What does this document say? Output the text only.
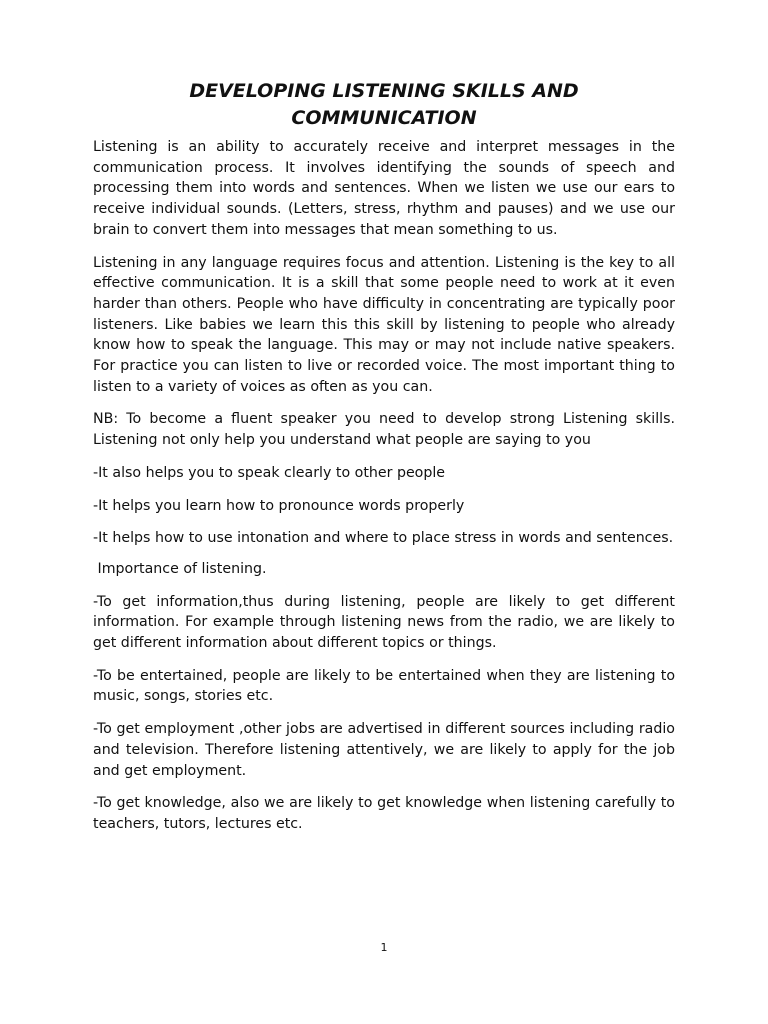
DEVELOPING LISTENING SKILLS AND
COMMUNICATION

Listening is an ability to accurately receive and interpret messages in the communication process. It involves identifying the sounds of speech and processing them into words and sentences. When we listen we use our ears to receive individual sounds. (Letters, stress, rhythm and pauses) and we use our brain to convert them into messages that mean something to us.

Listening in any language requires focus and attention. Listening is the key to all effective communication. It is a skill that some people need to work at it even harder than others. People who have difficulty in concentrating are typically poor listeners. Like babies we learn this this skill by listening to people who already know how to speak the language. This may or may not include native speakers. For practice you can listen to live or recorded voice. The most important thing to listen to a variety of voices as often as you can.

NB: To become a fluent speaker you need to develop strong Listening skills. Listening not only help you understand what people are saying to you

-It also helps you to speak clearly to other people

-It helps you learn how to pronounce words properly

-It helps how to use intonation and where to place stress in words and sentences.

Importance of listening.

-To get information,thus during listening, people are likely to get different information. For example through listening news from the radio, we are likely to get different information about different topics or things.

-To be entertained, people are likely to be entertained when they are listening to music, songs, stories etc.

-To get employment ,other jobs are advertised in different sources including radio and television. Therefore listening attentively, we are likely to apply for the job and get employment.

-To get knowledge, also we are likely to get knowledge when listening carefully to teachers, tutors, lectures etc.

1
